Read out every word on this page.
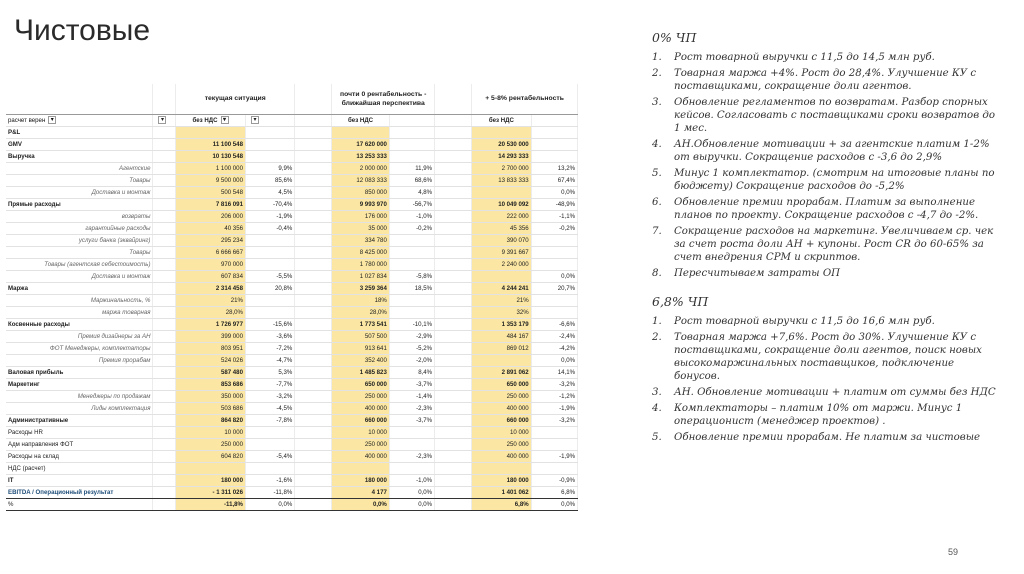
Чистовые
		текущая ситуация			почти 0 рентабельность - ближайшая перспектива			+ 5-8% рентабельность	
расчет верен ▾	▾	без НДС ▾	▾		без НДС			без НДС	
P&L									
GMV		11 100 548			17 620 000			20 530 000	
Выручка		10 130 548			13 253 333			14 293 333	
Агентские		1 100 000	9,9%		2 000 000	11,9%		2 700 000	13,2%
Товары		9 500 000	85,6%		12 083 333	68,6%		13 833 333	67,4%
Доставка и монтаж		500 548	4,5%		850 000	4,8%			0,0%
Прямые расходы		7 816 091	-70,4%		9 993 970	-56,7%		10 049 092	-48,9%
возвраты		206 000	-1,9%		176 000	-1,0%		222 000	-1,1%
гарантийные расходы		40 356	-0,4%		35 000	-0,2%		45 356	-0,2%
услуги банка (эквайринг)		295 234			334 780			390 070	
Товары		6 666 667			8 425 000			9 391 667	
Товары (агентская себестоимость)		970 000			1 780 000			2 240 000	
Доставка и монтаж		607 834	-5,5%		1 027 834	-5,8%			0,0%
Маржа		2 314 458	20,8%		3 259 364	18,5%		4 244 241	20,7%
Маржинальность, %		21%			18%			21%	
маржа товарная		28,0%			28,0%			32%	
Косвенные расходы		1 726 977	-15,6%		1 773 541	-10,1%		1 353 179	-6,6%
Премия дизайнеры за АН		399 000	-3,6%		507 500	-2,9%		484 167	-2,4%
ФОТ Менеджеры, комплектаторы		803 951	-7,2%		913 641	-5,2%		869 012	-4,2%
Премия прорабам		524 026	-4,7%		352 400	-2,0%			0,0%
Валовая прибыль		587 480	5,3%		1 485 823	8,4%		2 891 062	14,1%
Маркетинг		853 686	-7,7%		650 000	-3,7%		650 000	-3,2%
Менеджеры по продажам		350 000	-3,2%		250 000	-1,4%		250 000	-1,2%
Лиды комплектация		503 686	-4,5%		400 000	-2,3%		400 000	-1,9%
Административные		864 820	-7,8%		660 000	-3,7%		660 000	-3,2%
Расходы HR		10 000			10 000			10 000	
Адм направления ФОТ		250 000			250 000			250 000	
Расходы на склад		604 820	-5,4%		400 000	-2,3%		400 000	-1,9%
НДС (расчет)									
IT		180 000	-1,6%		180 000	-1,0%		180 000	-0,9%
EBITDA / Операционный результат		- 1 311 026	-11,8%		4 177	0,0%		1 401 062	6,8%
%		-11,8%	0,0%		0,0%	0,0%		6,8%	0,0%
0% ЧП
1. Рост товарной выручки с 11,5 до 14,5 млн руб.
2. Товарная маржа +4%. Рост до 28,4%. Улучшение КУ с поставщиками, сокращение доли агентов.
3. Обновление регламентов по возвратам. Разбор спорных кейсов. Согласовать с поставщиками сроки возвратов до 1 мес.
4. АН.Обновление мотивации + за агентские платим 1-2% от выручки. Сокращение расходов с -3,6 до 2,9%
5. Минус 1 комплектатор. (смотрим на итоговые планы по бюджету) Сокращение расходов до -5,2%
6. Обновление премии прорабам. Платим за выполнение планов по проекту. Сокращение расходов с -4,7 до -2%.
7. Сокращение расходов на маркетинг. Увеличиваем ср. чек за счет роста доли АН + купоны. Рост CR до 60-65% за счет внедрения CPM и скриптов.
8. Пересчитываем затраты ОП
6,8% ЧП
1. Рост товарной выручки с 11,5 до 16,6 млн руб.
2. Товарная маржа +7,6%. Рост до 30%. Улучшение КУ с поставщиками, сокращение доли агентов, поиск новых высокомаржинальных поставщиков, подключение бонусов.
3. АН. Обновление мотивации + платим от суммы без НДС
4. Комплектаторы – платим 10% от маржи. Минус 1 операционист (менеджер проектов) .
5. Обновление премии прорабам. Не платим за чистовые
59
